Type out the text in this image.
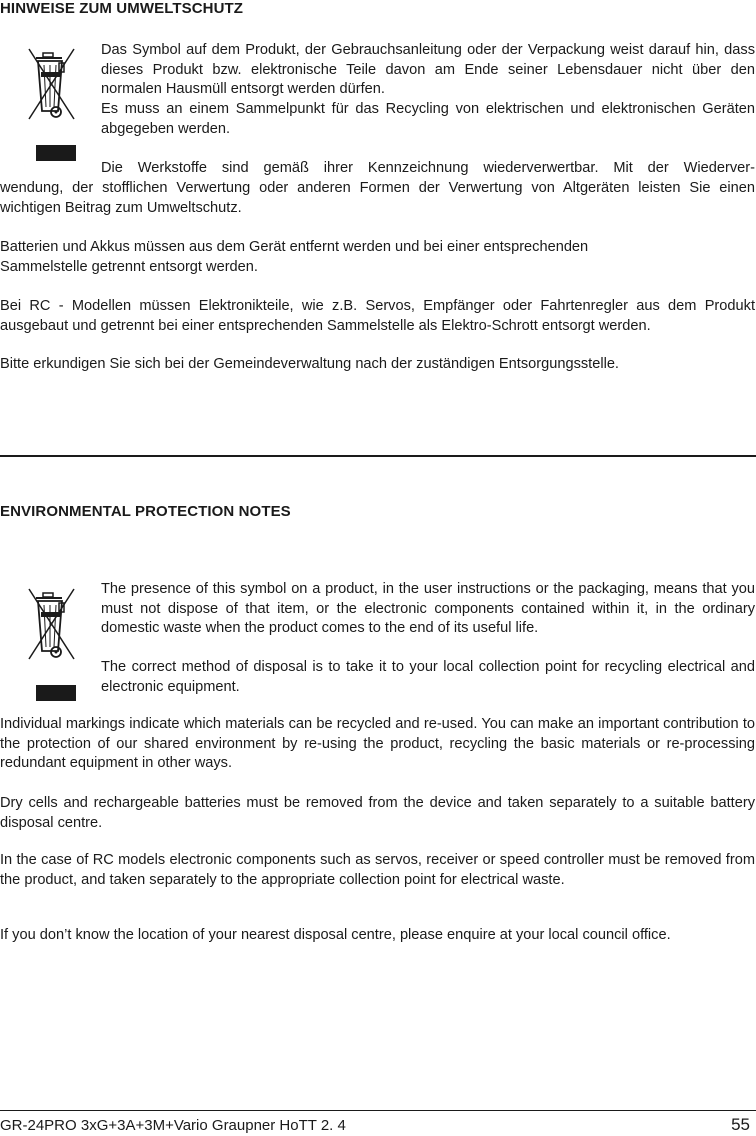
HINWEISE ZUM UMWELTSCHUTZ

Das Symbol auf dem Produkt, der Gebrauchsanleitung oder der Verpackung weist darauf hin, dass dieses Produkt bzw. elektronische Teile davon am Ende seiner Lebensdauer nicht über den normalen Hausmüll entsorgt werden dürfen.

Es muss an einem Sammelpunkt für das Recycling von elektrischen und elektronischen Geräten abgegeben werden.

Die Werkstoffe sind gemäß ihrer Kennzeichnung wiederverwertbar. Mit der Wiederver-

wendung, der stofflichen Verwertung oder anderen Formen der Verwertung von Altgeräten leisten Sie einen wichtigen Beitrag zum Umweltschutz.

Batterien und Akkus müssen aus dem Gerät entfernt werden und bei einer entsprechenden

Sammelstelle getrennt entsorgt werden.

Bei RC - Modellen müssen Elektronikteile, wie z.B. Servos, Empfänger oder Fahrtenregler aus dem Produkt ausgebaut und getrennt bei einer entsprechenden Sammelstelle als Elektro-Schrott entsorgt werden.

Bitte erkundigen Sie sich bei der Gemeindeverwaltung nach der zuständigen Entsorgungsstelle.

ENVIRONMENTAL PROTECTION NOTES

The presence of this symbol on a product, in the user instructions or the packaging, means that you must not dispose of that item, or the electronic components contained within it, in the ordinary domestic waste when the product comes to the end of its useful life.

The correct method of disposal is to take it to your local collection point for recycling electrical and electronic equipment.

Individual markings indicate which materials can be recycled and re-used. You can make an important contribution to the protection of our shared environment by re-using the product, recycling the basic materials or re-processing redundant equipment in other ways.

Dry cells and rechargeable batteries must be removed from the device and taken separately to a suitable battery disposal centre.

In the case of RC models electronic components such as servos, receiver or speed controller must be removed from the product, and taken separately to the appropriate collection point for electrical waste.

If you don’t know the location of your nearest disposal centre, please enquire at your local council office.

GR-24PRO 3xG+3A+3M+Vario Graupner HoTT 2. 4	55
